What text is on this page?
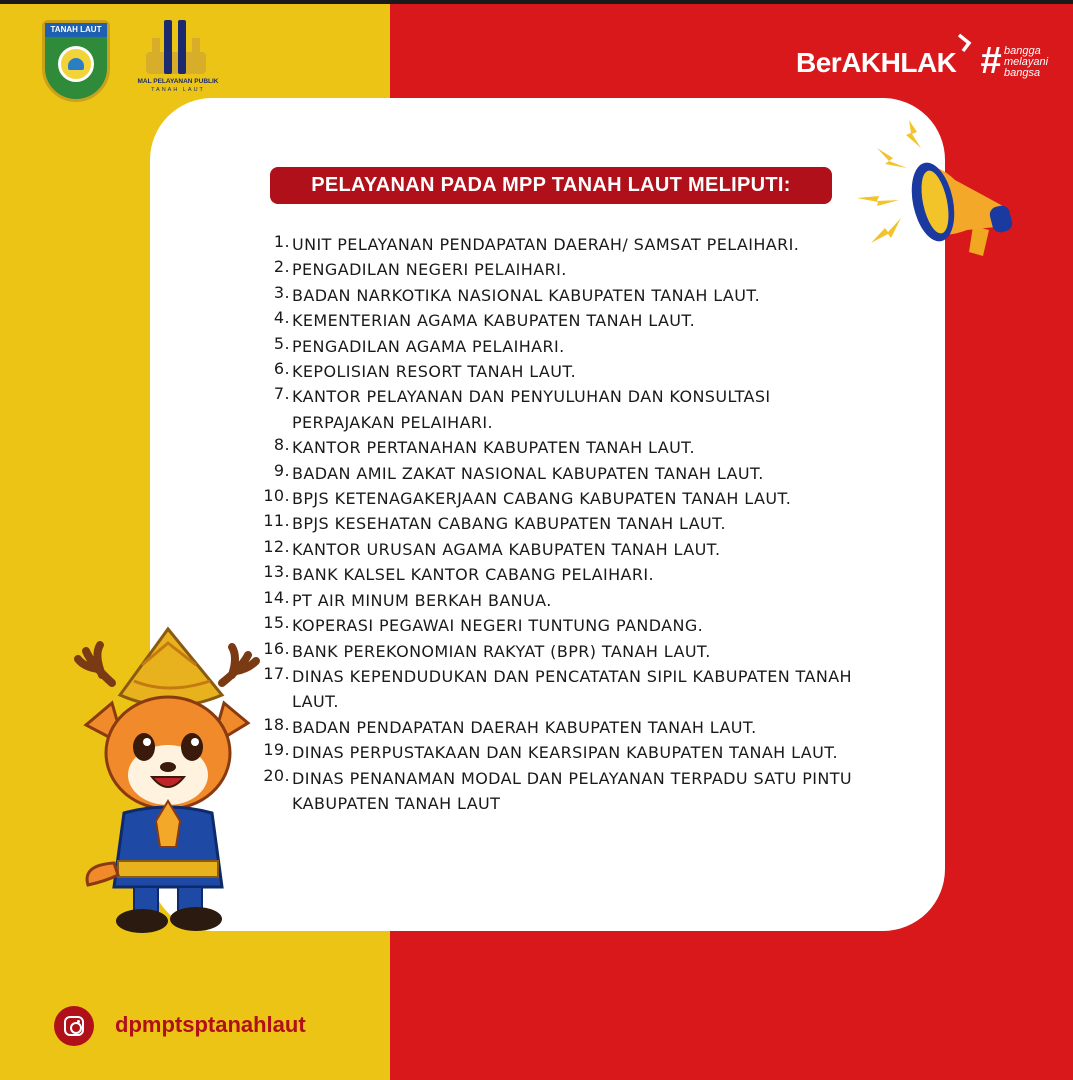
TANAH LAUT
MAL PELAYANAN PUBLIK
TANAH LAUT
BerAKHLAK # bangga
melayani
bangsa
PELAYANAN PADA MPP TANAH LAUT MELIPUTI:
1. UNIT PELAYANAN PENDAPATAN DAERAH/ SAMSAT PELAIHARI.
2. PENGADILAN NEGERI PELAIHARI.
3. BADAN NARKOTIKA NASIONAL KABUPATEN TANAH LAUT.
4. KEMENTERIAN AGAMA KABUPATEN TANAH LAUT.
5. PENGADILAN AGAMA PELAIHARI.
6. KEPOLISIAN RESORT TANAH LAUT.
7. KANTOR PELAYANAN DAN PENYULUHAN DAN KONSULTASI PERPAJAKAN PELAIHARI.
8. KANTOR PERTANAHAN KABUPATEN TANAH LAUT.
9. BADAN AMIL ZAKAT NASIONAL KABUPATEN TANAH LAUT.
10. BPJS KETENAGAKERJAAN CABANG KABUPATEN TANAH LAUT.
11. BPJS KESEHATAN CABANG KABUPATEN TANAH LAUT.
12. KANTOR URUSAN AGAMA KABUPATEN TANAH LAUT.
13. BANK KALSEL KANTOR CABANG PELAIHARI.
14. PT AIR MINUM BERKAH BANUA.
15. KOPERASI PEGAWAI NEGERI TUNTUNG PANDANG.
16. BANK PEREKONOMIAN RAKYAT (BPR) TANAH LAUT.
17. DINAS KEPENDUDUKAN DAN PENCATATAN SIPIL KABUPATEN TANAH LAUT.
18. BADAN PENDAPATAN DAERAH KABUPATEN TANAH LAUT.
19. DINAS PERPUSTAKAAN DAN KEARSIPAN KABUPATEN TANAH LAUT.
20. DINAS PENANAMAN MODAL DAN PELAYANAN TERPADU SATU PINTU KABUPATEN TANAH LAUT
dpmptsptanahlaut
